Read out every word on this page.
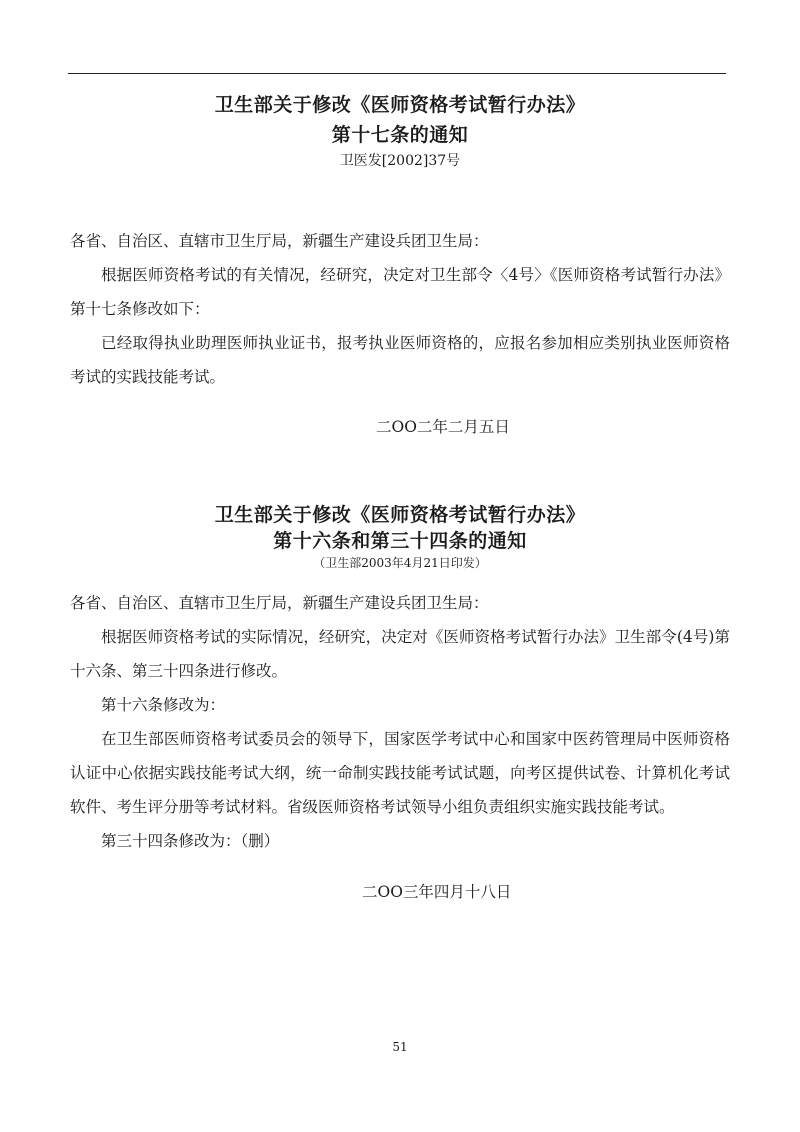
卫生部关于修改《医师资格考试暂行办法》

第十七条的通知

卫医发[2002]37号

各省、自治区、直辖市卫生厅局，新疆生产建设兵团卫生局：

根据医师资格考试的有关情况，经研究，决定对卫生部令〈4号〉《医师资格考试暂行办法》第十七条修改如下：

已经取得执业助理医师执业证书，报考执业医师资格的，应报名参加相应类别执业医师资格考试的实践技能考试。

二OO二年二月五日

卫生部关于修改《医师资格考试暂行办法》

第十六条和第三十四条的通知

（卫生部2003年4月21日印发）

各省、自治区、直辖市卫生厅局，新疆生产建设兵团卫生局：

根据医师资格考试的实际情况，经研究，决定对《医师资格考试暂行办法》卫生部令(4号)第十六条、第三十四条进行修改。

第十六条修改为：

在卫生部医师资格考试委员会的领导下，国家医学考试中心和国家中医药管理局中医师资格认证中心依据实践技能考试大纲，统一命制实践技能考试试题，向考区提供试卷、计算机化考试软件、考生评分册等考试材料。省级医师资格考试领导小组负责组织实施实践技能考试。

第三十四条修改为：（删）

二OO三年四月十八日
51
